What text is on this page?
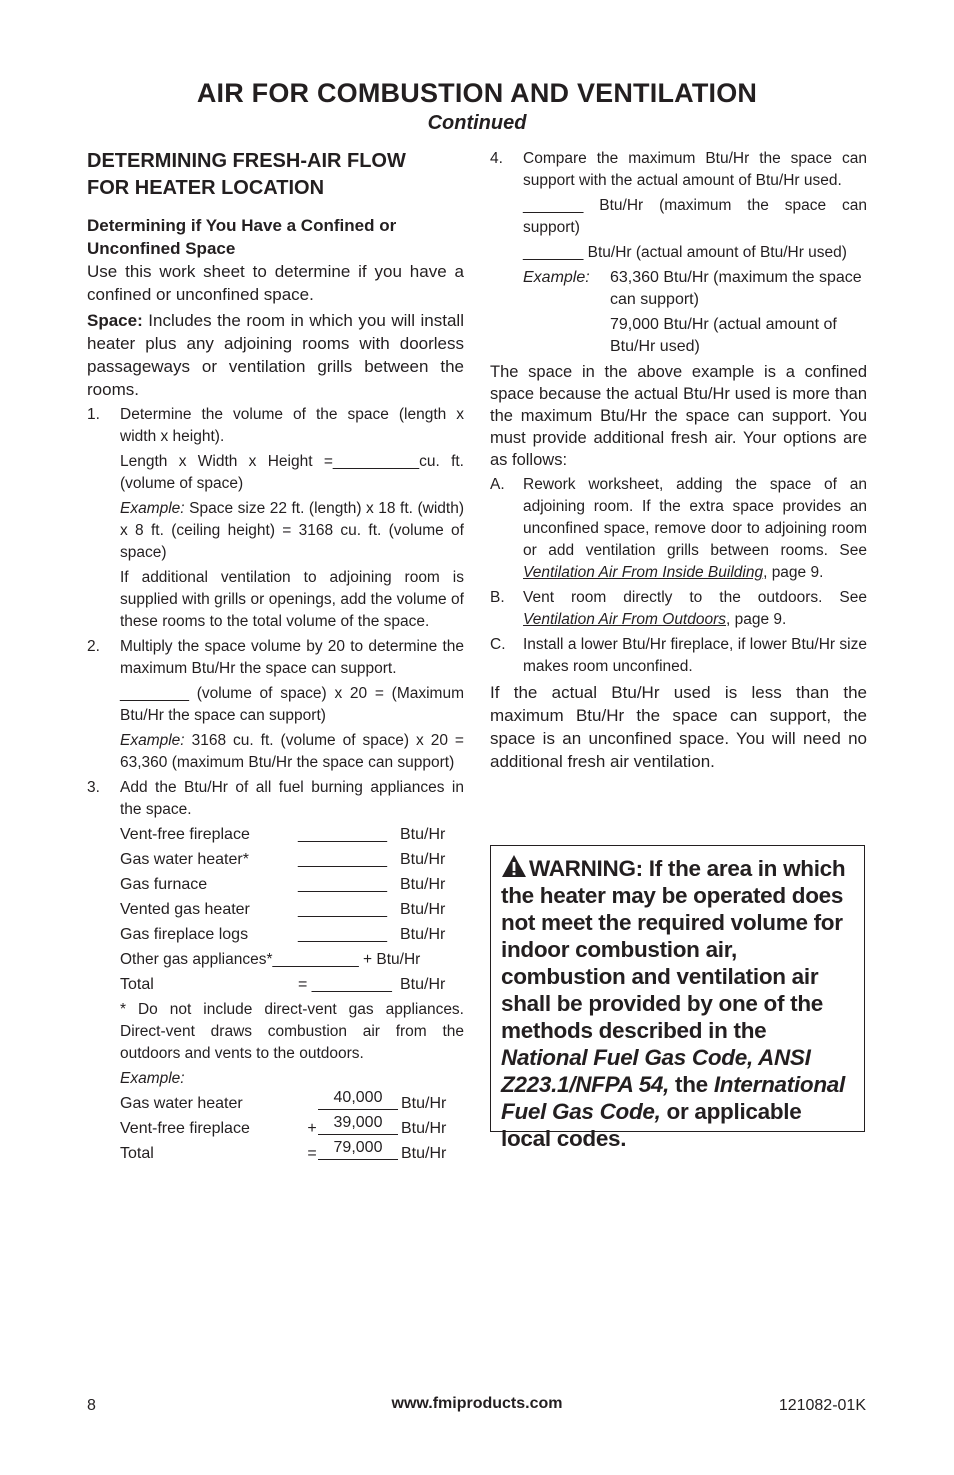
AIR FOR COMBUSTION AND VENTILATION
Continued
DETERMINING FRESH-AIR FLOW
FOR HEATER LOCATION
Determining if You Have a Confined or
Unconfined Space

Use this work sheet to determine if you have a confined or unconfined space.

Space: Includes the room in which you will install heater plus any adjoining rooms with doorless passageways or ventilation grills between the rooms.

1. Determine the volume of the space (length x width x height).

Length x Width x Height =__________cu. ft. (volume of space)

Example: Space size 22 ft. (length) x 18 ft. (width) x 8 ft. (ceiling height) = 3168 cu. ft. (volume of space)

If additional ventilation to adjoining room is supplied with grills or openings, add the volume of these rooms to the total volume of the space.

2. Multiply the space volume by 20 to determine the maximum Btu/Hr the space can support.

________ (volume of space) x 20 = (Maximum Btu/Hr the space can support)

Example: 3168 cu. ft. (volume of space) x 20 = 63,360 (maximum Btu/Hr the space can support)

3. Add the Btu/Hr of all fuel burning appliances in the space.

Vent-free fireplace	__________ Btu/Hr
Gas water heater*	__________ Btu/Hr
Gas furnace	__________ Btu/Hr
Vented gas heater	__________ Btu/Hr
Gas fireplace logs	__________ Btu/Hr

Other gas appliances*__________ + Btu/Hr

Total	= _________ Btu/Hr

* Do not include direct-vent gas appliances. Direct-vent draws combustion air from the outdoors and vents to the outdoors.

Example:

Gas water heater	40,000	Btu/Hr
Vent-free fireplace	+	39,000	Btu/Hr
Total	=	79,000	Btu/Hr
4. Compare the maximum Btu/Hr the space can support with the actual amount of Btu/Hr used.

_______ Btu/Hr (maximum the space can support)

_______ Btu/Hr (actual amount of Btu/Hr used)

Example:	63,360 Btu/Hr (maximum the space can support)
79,000 Btu/Hr (actual amount of Btu/Hr used)

The space in the above example is a confined space because the actual Btu/Hr used is more than the maximum Btu/Hr the space can support. You must provide additional fresh air. Your options are as follows:

A. Rework worksheet, adding the space of an adjoining room. If the extra space provides an unconfined space, remove door to adjoining room or add ventilation grills between rooms. See Ventilation Air From Inside Building, page 9.

B. Vent room directly to the outdoors. See Ventilation Air From Outdoors, page 9.

C. Install a lower Btu/Hr fireplace, if lower Btu/Hr size makes room unconfined.

If the actual Btu/Hr used is less than the maximum Btu/Hr the space can support, the space is an unconfined space. You will need no additional fresh air ventilation.

WARNING: If the area in which the heater may be operated does not meet the required volume for indoor combustion air, combustion and ventilation air shall be provided by one of the methods described in the National Fuel Gas Code, ANSI Z223.1/NFPA 54, the International Fuel Gas Code, or applicable local codes.

8	www.fmiproducts.com	121082-01K
